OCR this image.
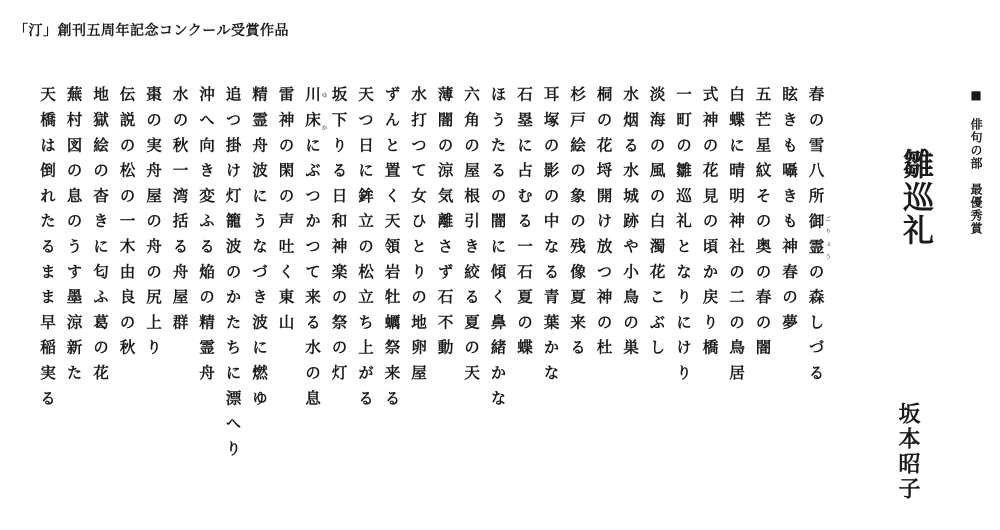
「汀」創刊五周年記念コンクール受賞作品
■ 俳句の部　最優秀賞
雛巡礼
坂本昭子
春の雪八所御霊ごりょうの森しづる
眩きも囁きも神春の夢
五芒星紋その奥の春の闇
白蝶に晴明神社の二の鳥居
式神の花見の頃か戻り橋
一町の雛巡礼となりにけり
淡海の風の白濁花こぶし
水烟る水城跡や小鳥の巣
桐の花埒開け放つ神の杜
杉戸絵の象の残像夏来る
耳塚の影の中なる青葉かな
石塁に占むる一石夏の蝶
ほうたるの闇に傾く鼻緒かな
六角の屋根引き絞る夏の天
薄闇の涼気離さず石不動
水打つて女ひとりの地卵屋
ずんと置く天領岩牡蠣祭来る
天つ日に鉾立の松立ち上がる
坂下りる日和神楽の祭の灯
川床ゆかにぶつかつて来る水の息
雷神の閑の声吐く東山
精霊舟波にうなづき波に燃ゆ
追つ掛け灯籠波のかたちに漂へり
沖へ向き変ふる焔の精霊舟
水の秋一湾括る舟屋群
棗の実舟屋の舟の尻上り
伝説の松の一木由良の秋
地獄絵の杳きに匂ふ葛の花
蕪村図の息のうす墨涼新た
天橋は倒れたるまま早稲実る
